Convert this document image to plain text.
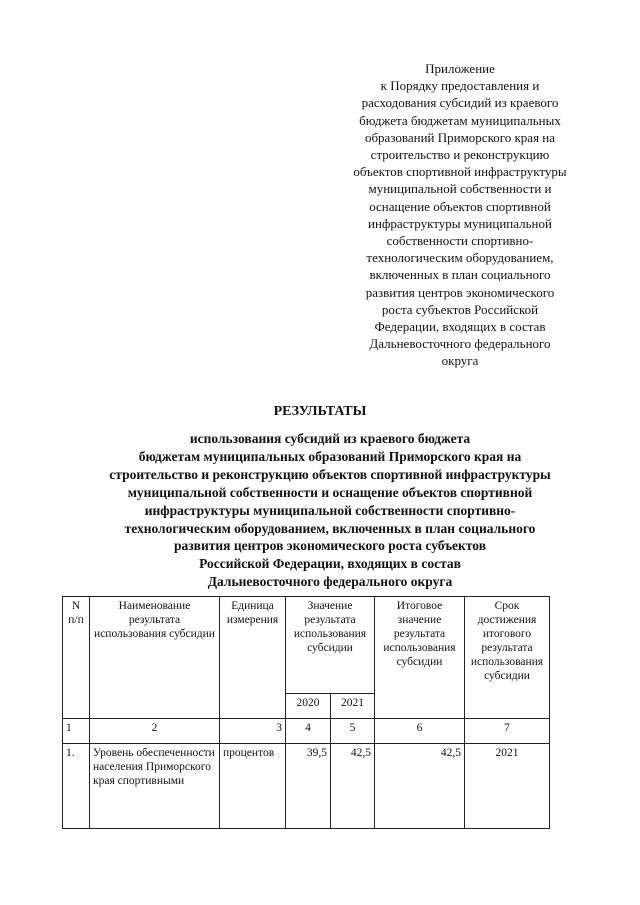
Приложение
к Порядку предоставления и
расходования субсидий из краевого
бюджета бюджетам муниципальных
образований Приморского края на
строительство и реконструкцию
объектов спортивной инфраструктуры
муниципальной собственности и
оснащение объектов спортивной
инфраструктуры муниципальной
собственности спортивно-
технологическим оборудованием,
включенных в план социального
развития центров экономического
роста субъектов Российской
Федерации, входящих в состав
Дальневосточного федерального
округа
РЕЗУЛЬТАТЫ
использования субсидий из краевого бюджета
бюджетам муниципальных образований Приморского края на
строительство и реконструкцию объектов спортивной инфраструктуры
муниципальной собственности и оснащение объектов спортивной
инфраструктуры муниципальной собственности спортивно-
технологическим оборудованием, включенных в план социального
развития центров экономического роста субъектов
Российской Федерации, входящих в состав
Дальневосточного федерального округа
N п/п	Наименование результата использования субсидии	Единица измерения	Значение результата использования субсидии		Итоговое значение результата использования субсидии	Срок достижения итогового результата использования субсидии
			2020	2021		
1	2	3	4	5	6	7
1.	Уровень обеспеченности населения Приморского края спортивными	процентов	39,5	42,5	42,5	2021
